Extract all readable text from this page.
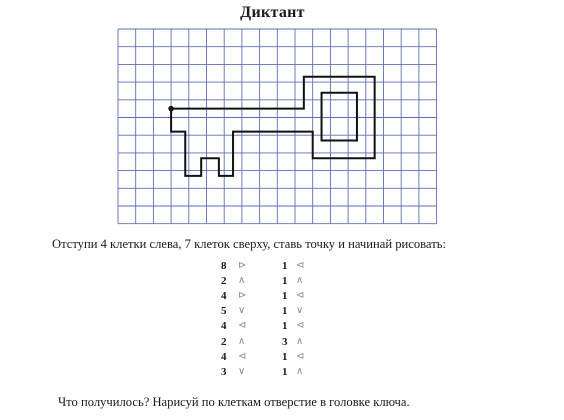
Диктант
Отступи 4 клетки слева, 7 клеток сверху, ставь точку и начинай рисовать:
8 ⊳
2 ∧
4 ⊳
5 ∨
4 ⊲
2 ∧
4 ⊲
3 ∨
1 ⊲
1 ∧
1 ⊲
1 ∨
1 ⊲
3 ∧
1 ⊲
1 ∧
Что получилось? Нарисуй по клеткам отверстие в головке ключа.
